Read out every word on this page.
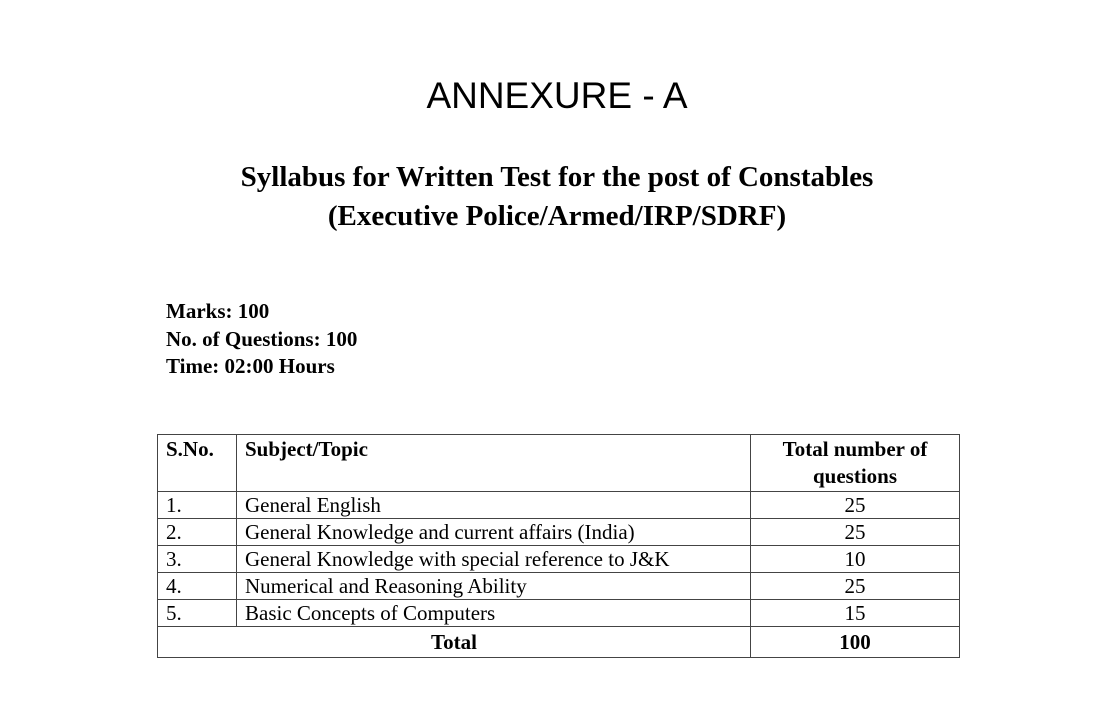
ANNEXURE - A
Syllabus for Written Test for the post of Constables
(Executive Police/Armed/IRP/SDRF)
Marks: 100
No. of Questions: 100
Time: 02:00 Hours
S.No.	Subject/Topic	Total number of
questions
1.	General English	25
2.	General Knowledge and current affairs (India)	25
3.	General Knowledge with special reference to J&K	10
4.	Numerical and Reasoning Ability	25
5.	Basic Concepts of Computers	15
Total		100
